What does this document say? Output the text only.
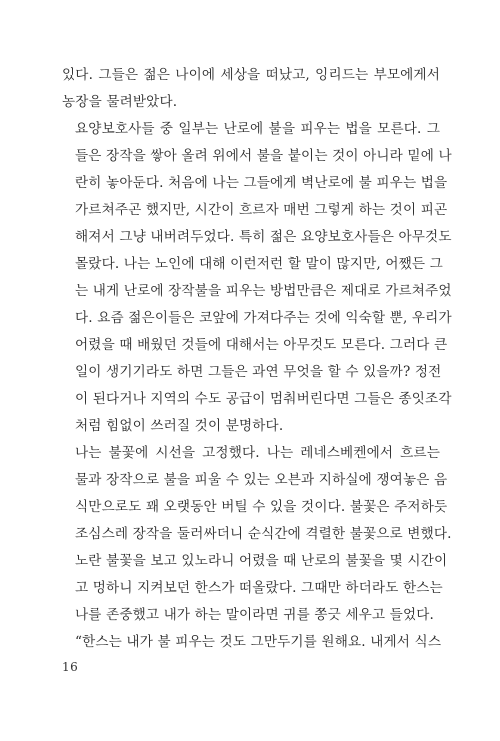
있다. 그들은 젊은 나이에 세상을 떠났고, 잉리드는 부모에게서
농장을 물려받았다.

요양보호사들 중 일부는 난로에 불을 피우는 법을 모른다. 그
들은 장작을 쌓아 올려 위에서 불을 붙이는 것이 아니라 밑에 나
란히 놓아둔다. 처음에 나는 그들에게 벽난로에 불 피우는 법을
가르쳐주곤 했지만, 시간이 흐르자 매번 그렇게 하는 것이 피곤
해져서 그냥 내버려두었다. 특히 젊은 요양보호사들은 아무것도
몰랐다. 나는 노인에 대해 이런저런 할 말이 많지만, 어쨌든 그
는 내게 난로에 장작불을 피우는 방법만큼은 제대로 가르쳐주었
다. 요즘 젊은이들은 코앞에 가져다주는 것에 익숙할 뿐, 우리가
어렸을 때 배웠던 것들에 대해서는 아무것도 모른다. 그러다 큰
일이 생기기라도 하면 그들은 과연 무엇을 할 수 있을까? 정전
이 된다거나 지역의 수도 공급이 멈춰버린다면 그들은 종잇조각
처럼 힘없이 쓰러질 것이 분명하다.

나는 불꽃에 시선을 고정했다. 나는 레네스베켄에서 흐르는
물과 장작으로 불을 피울 수 있는 오븐과 지하실에 쟁여놓은 음
식만으로도 꽤 오랫동안 버틸 수 있을 것이다. 불꽃은 주저하듯
조심스레 장작을 둘러싸더니 순식간에 격렬한 불꽃으로 변했다.
노란 불꽃을 보고 있노라니 어렸을 때 난로의 불꽃을 몇 시간이
고 멍하니 지켜보던 한스가 떠올랐다. 그때만 하더라도 한스는
나를 존중했고 내가 하는 말이라면 귀를 쫑긋 세우고 들었다.

“한스는 내가 불 피우는 것도 그만두기를 원해요. 내게서 식스

16
